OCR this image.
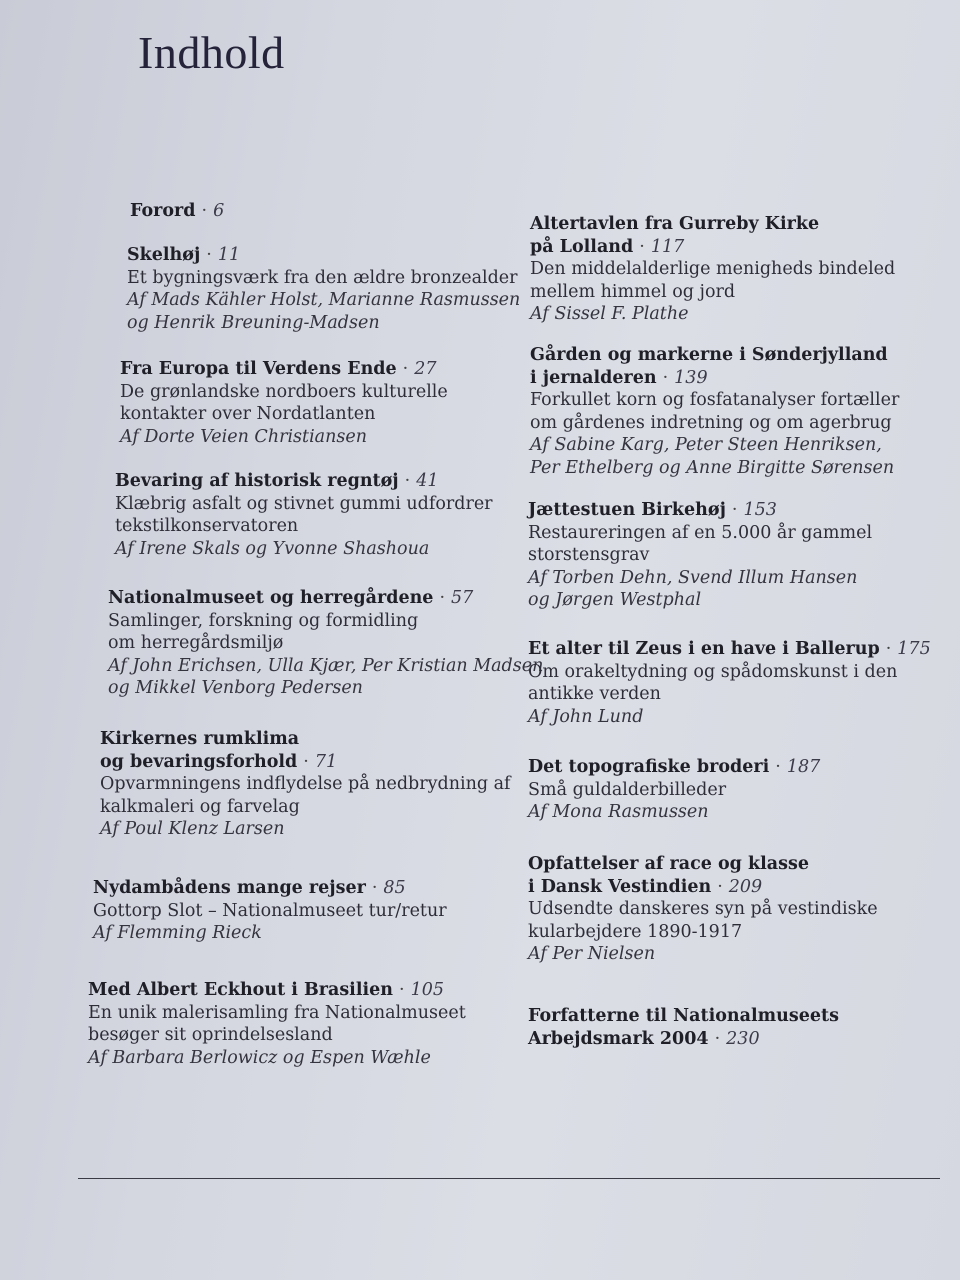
Indhold
Forord · 6
Skelhøj · 11
Et bygningsværk fra den ældre bronzealder
Af Mads Kähler Holst, Marianne Rasmussen
og Henrik Breuning-Madsen
Fra Europa til Verdens Ende · 27
De grønlandske nordboers kulturelle
kontakter over Nordatlanten
Af Dorte Veien Christiansen
Bevaring af historisk regntøj · 41
Klæbrig asfalt og stivnet gummi udfordrer
tekstilkonservatoren
Af Irene Skals og Yvonne Shashoua
Nationalmuseet og herregårdene · 57
Samlinger, forskning og formidling
om herregårdsmiljø
Af John Erichsen, Ulla Kjær, Per Kristian Madsen
og Mikkel Venborg Pedersen
Kirkernes rumklima
og bevaringsforhold · 71
Opvarmningens indflydelse på nedbrydning af
kalkmaleri og farvelag
Af Poul Klenz Larsen
Nydambådens mange rejser · 85
Gottorp Slot – Nationalmuseet tur/retur
Af Flemming Rieck
Med Albert Eckhout i Brasilien · 105
En unik malerisamling fra Nationalmuseet
besøger sit oprindelsesland
Af Barbara Berlowicz og Espen Wæhle
Altertavlen fra Gurreby Kirke
på Lolland · 117
Den middelalderlige menigheds bindeled
mellem himmel og jord
Af Sissel F. Plathe
Gården og markerne i Sønderjylland
i jernalderen · 139
Forkullet korn og fosfatanalyser fortæller
om gårdenes indretning og om agerbrug
Af Sabine Karg, Peter Steen Henriksen,
Per Ethelberg og Anne Birgitte Sørensen
Jættestuen Birkehøj · 153
Restaureringen af en 5.000 år gammel
storstensgrav
Af Torben Dehn, Svend Illum Hansen
og Jørgen Westphal
Et alter til Zeus i en have i Ballerup · 175
Om orakeltydning og spådomskunst i den
antikke verden
Af John Lund
Det topografiske broderi · 187
Små guldalderbilleder
Af Mona Rasmussen
Opfattelser af race og klasse
i Dansk Vestindien · 209
Udsendte danskeres syn på vestindiske
kularbejdere 1890-1917
Af Per Nielsen
Forfatterne til Nationalmuseets
Arbejdsmark 2004 · 230
